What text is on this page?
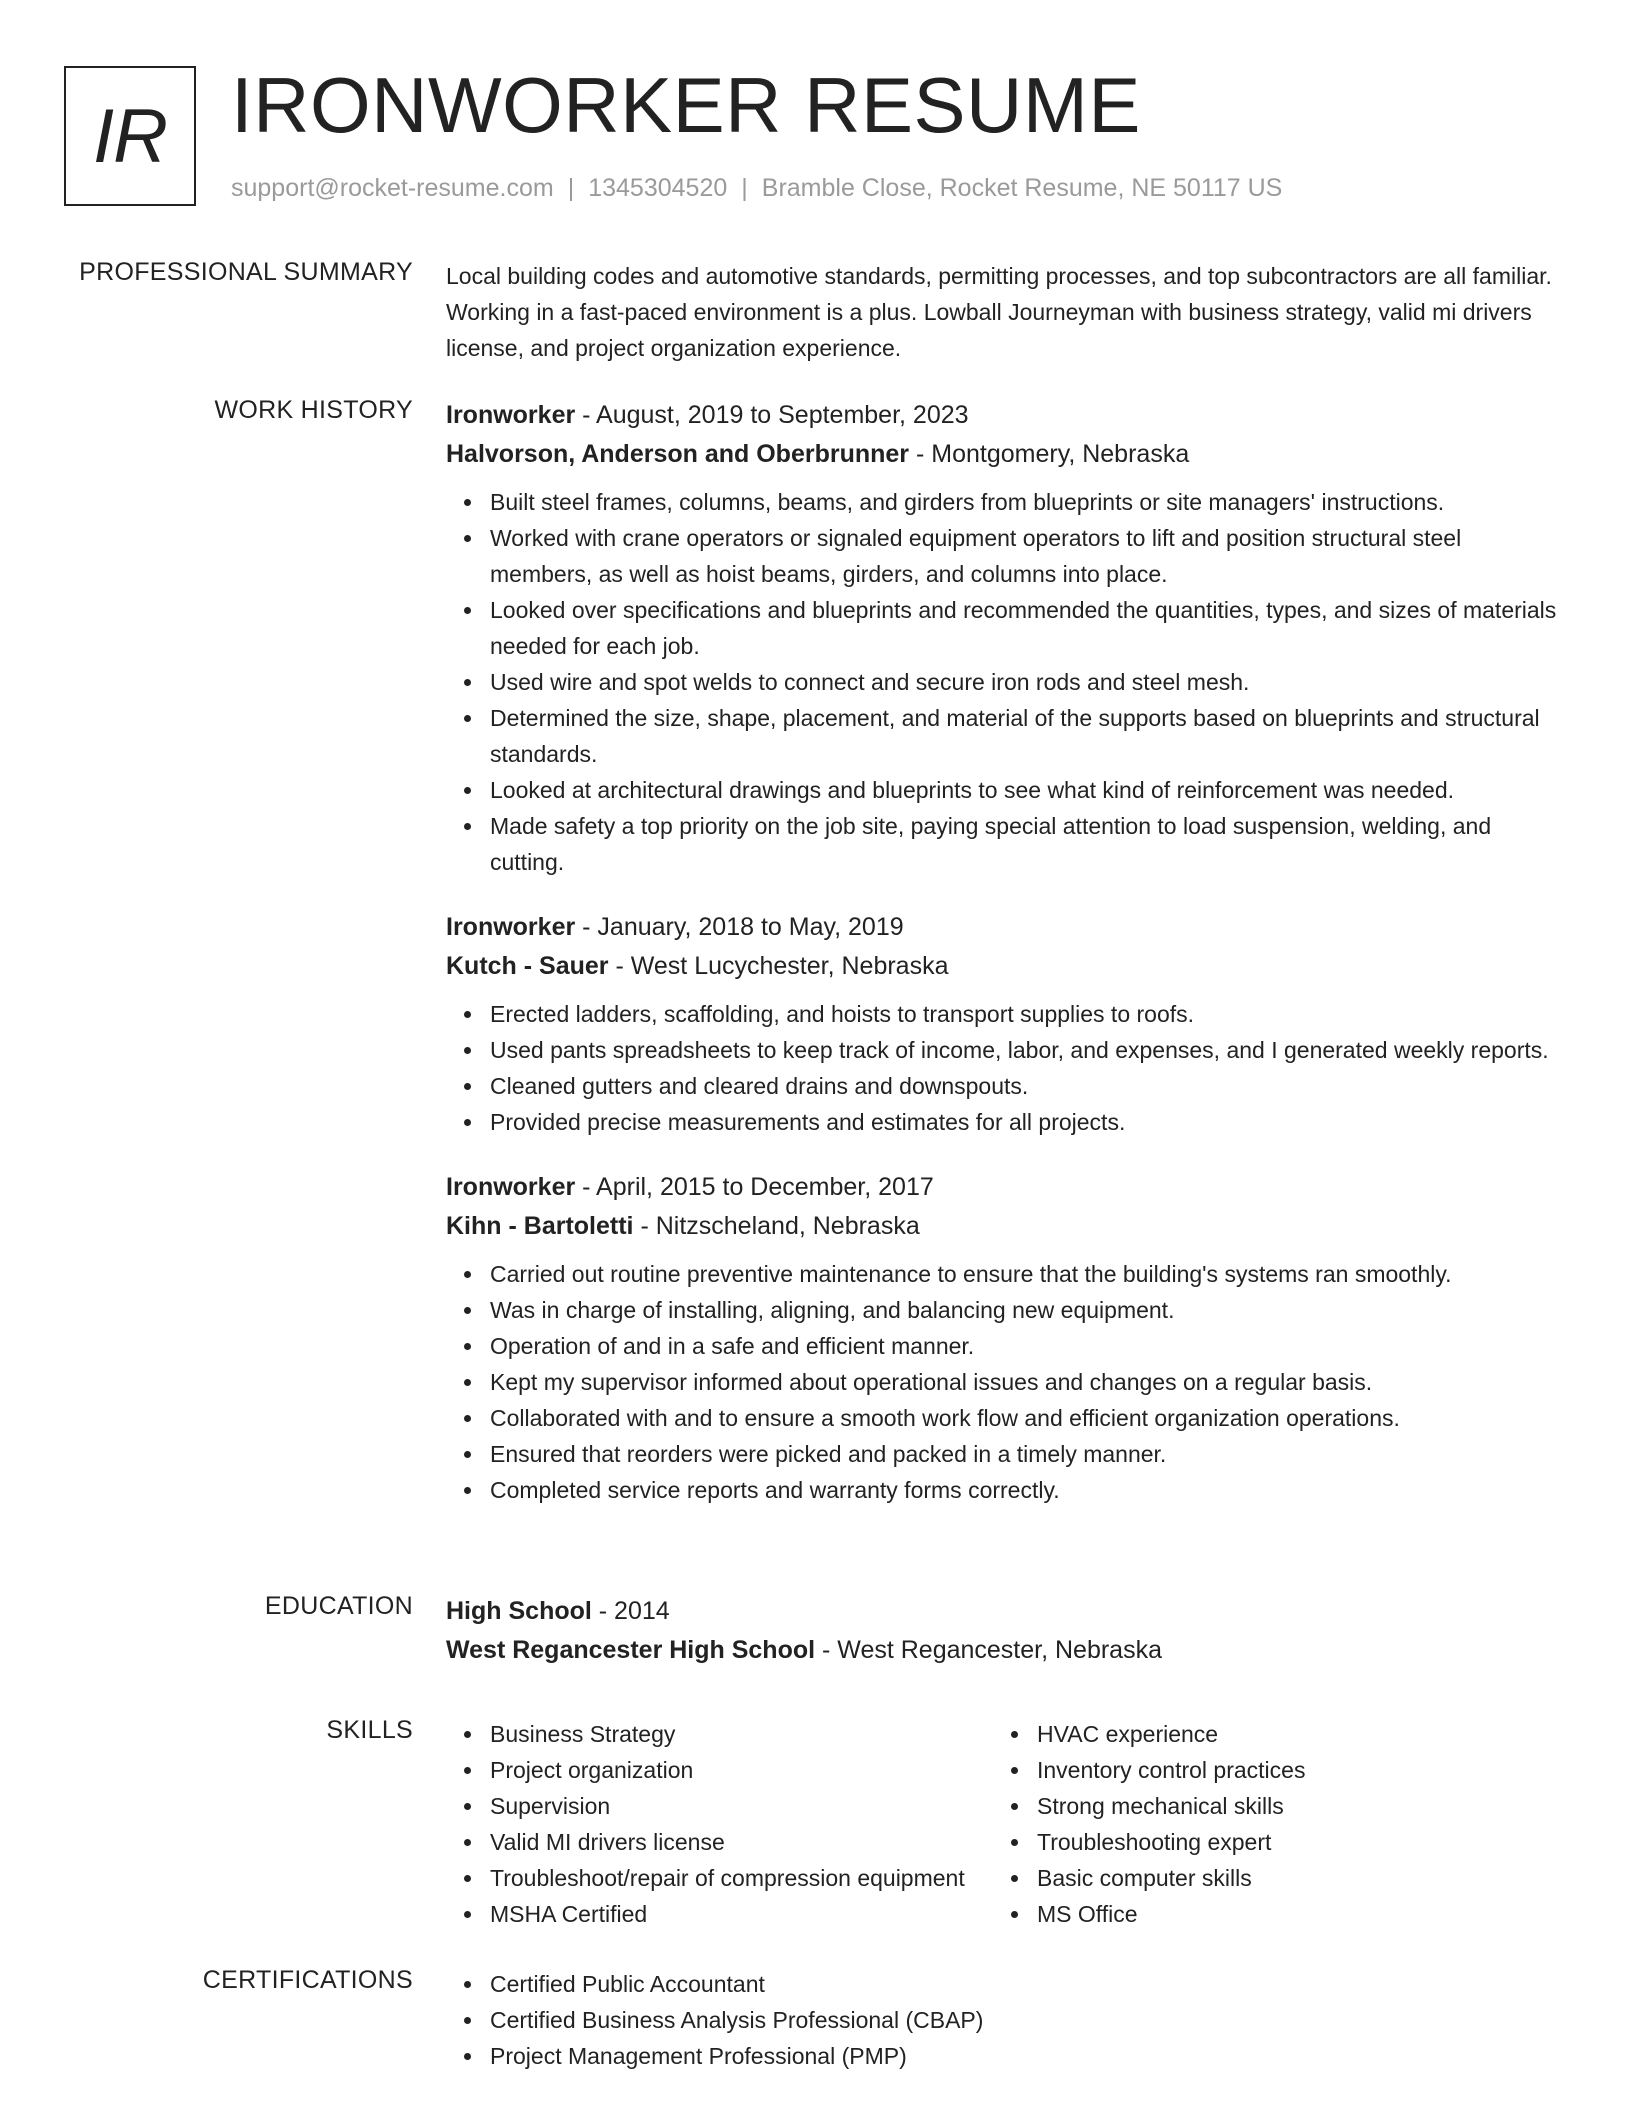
IR IRONWORKER RESUME
support@rocket-resume.com | 1345304520 | Bramble Close, Rocket Resume, NE 50117 US
PROFESSIONAL SUMMARY Local building codes and automotive standards, permitting processes, and top subcontractors are all familiar. Working in a fast-paced environment is a plus. Lowball Journeyman with business strategy, valid mi drivers license, and project organization experience.

WORK HISTORY Ironworker - August, 2019 to September, 2023
Halvorson, Anderson and Oberbrunner - Montgomery, Nebraska
Built steel frames, columns, beams, and girders from blueprints or site managers' instructions.
Worked with crane operators or signaled equipment operators to lift and position structural steel members, as well as hoist beams, girders, and columns into place.
Looked over specifications and blueprints and recommended the quantities, types, and sizes of materials needed for each job.
Used wire and spot welds to connect and secure iron rods and steel mesh.
Determined the size, shape, placement, and material of the supports based on blueprints and structural standards.
Looked at architectural drawings and blueprints to see what kind of reinforcement was needed.
Made safety a top priority on the job site, paying special attention to load suspension, welding, and cutting.
Ironworker - January, 2018 to May, 2019
Kutch - Sauer - West Lucychester, Nebraska
Erected ladders, scaffolding, and hoists to transport supplies to roofs.
Used pants spreadsheets to keep track of income, labor, and expenses, and I generated weekly reports.
Cleaned gutters and cleared drains and downspouts.
Provided precise measurements and estimates for all projects.
Ironworker - April, 2015 to December, 2017
Kihn - Bartoletti - Nitzscheland, Nebraska
Carried out routine preventive maintenance to ensure that the building's systems ran smoothly.
Was in charge of installing, aligning, and balancing new equipment.
Operation of and in a safe and efficient manner.
Kept my supervisor informed about operational issues and changes on a regular basis.
Collaborated with and to ensure a smooth work flow and efficient organization operations.
Ensured that reorders were picked and packed in a timely manner.
Completed service reports and warranty forms correctly.
EDUCATION High School - 2014
West Regancester High School - West Regancester, Nebraska
SKILLS	Business Strategy
Project organization
Supervision
Valid MI drivers license
Troubleshoot/repair of compression equipment
MSHA Certified
HVAC experience
Inventory control practices
Strong mechanical skills
Troubleshooting expert
Basic computer skills
MS Office
CERTIFICATIONS	Certified Public Accountant
Certified Business Analysis Professional (CBAP)
Project Management Professional (PMP)
